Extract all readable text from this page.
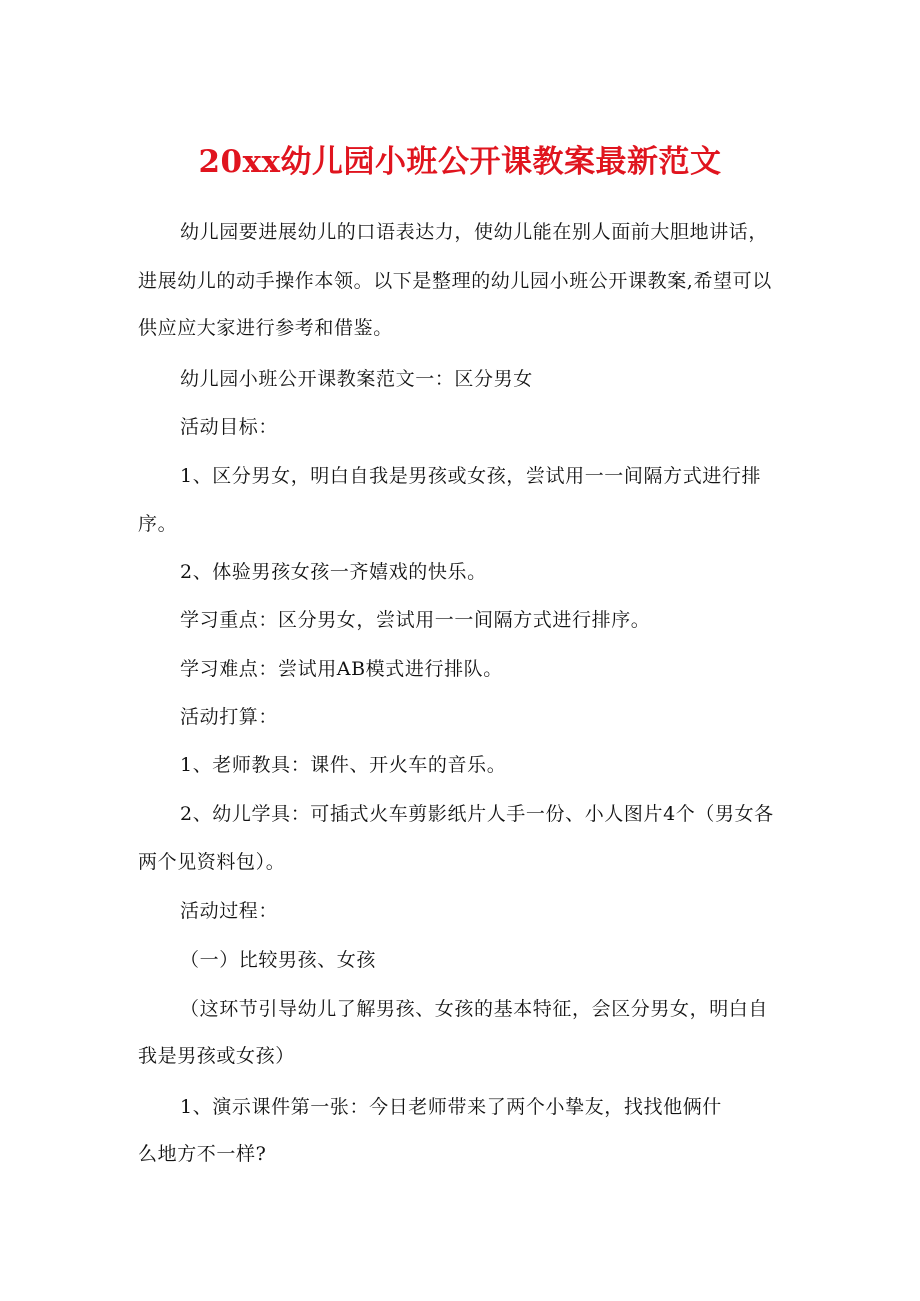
20xx幼儿园小班公开课教案最新范文
幼儿园要进展幼儿的口语表达力，使幼儿能在别人面前大胆地讲话，
进展幼儿的动手操作本领。以下是整理的幼儿园小班公开课教案,希望可以
供应应大家进行参考和借鉴。
幼儿园小班公开课教案范文一：区分男女
活动目标：
1、区分男女，明白自我是男孩或女孩，尝试用一一间隔方式进行排
序。
2、体验男孩女孩一齐嬉戏的快乐。
学习重点：区分男女，尝试用一一间隔方式进行排序。
学习难点：尝试用AB模式进行排队。
活动打算：
1、老师教具：课件、开火车的音乐。
2、幼儿学具：可插式火车剪影纸片人手一份、小人图片4个（男女各
两个见资料包）。
活动过程：
（一）比较男孩、女孩
（这环节引导幼儿了解男孩、女孩的基本特征，会区分男女，明白自
我是男孩或女孩）
1、演示课件第一张：今日老师带来了两个小挚友，找找他俩什
么地方不一样?
